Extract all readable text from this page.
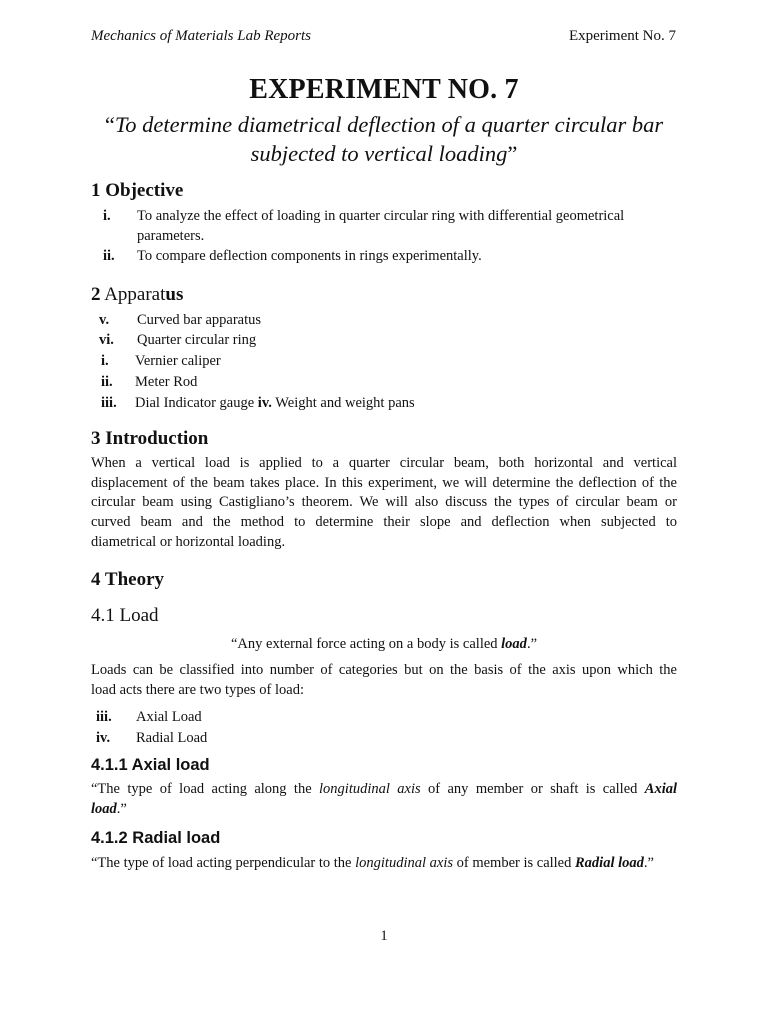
Mechanics of Materials Lab Reports	Experiment No. 7
EXPERIMENT NO. 7
“To determine diametrical deflection of a quarter circular bar subjected to vertical loading”
1 Objective
i. To analyze the effect of loading in quarter circular ring with differential geometrical
parameters.
ii. To compare deflection components in rings experimentally.
2 Apparatus
v. Curved bar apparatus
vi. Quarter circular ring
i. Vernier caliper
ii. Meter Rod
iii. Dial Indicator gauge iv. Weight and weight pans
3 Introduction
When a vertical load is applied to a quarter circular beam, both horizontal and vertical
displacement of the beam takes place. In this experiment, we will determine the deflection of the
circular beam using Castigliano’s theorem. We will also discuss the types of circular beam or
curved beam and the method to determine their slope and deflection when subjected to
diametrical or horizontal loading.
4 Theory
4.1 Load
“Any external force acting on a body is called load.”
Loads can be classified into number of categories but on the basis of the axis upon which the
load acts there are two types of load:
iii. Axial Load
iv. Radial Load
4.1.1 Axial load
“The type of load acting along the longitudinal axis of any member or shaft is called Axial
load.”
4.1.2 Radial load
“The type of load acting perpendicular to the longitudinal axis of member is called Radial load.”
1
